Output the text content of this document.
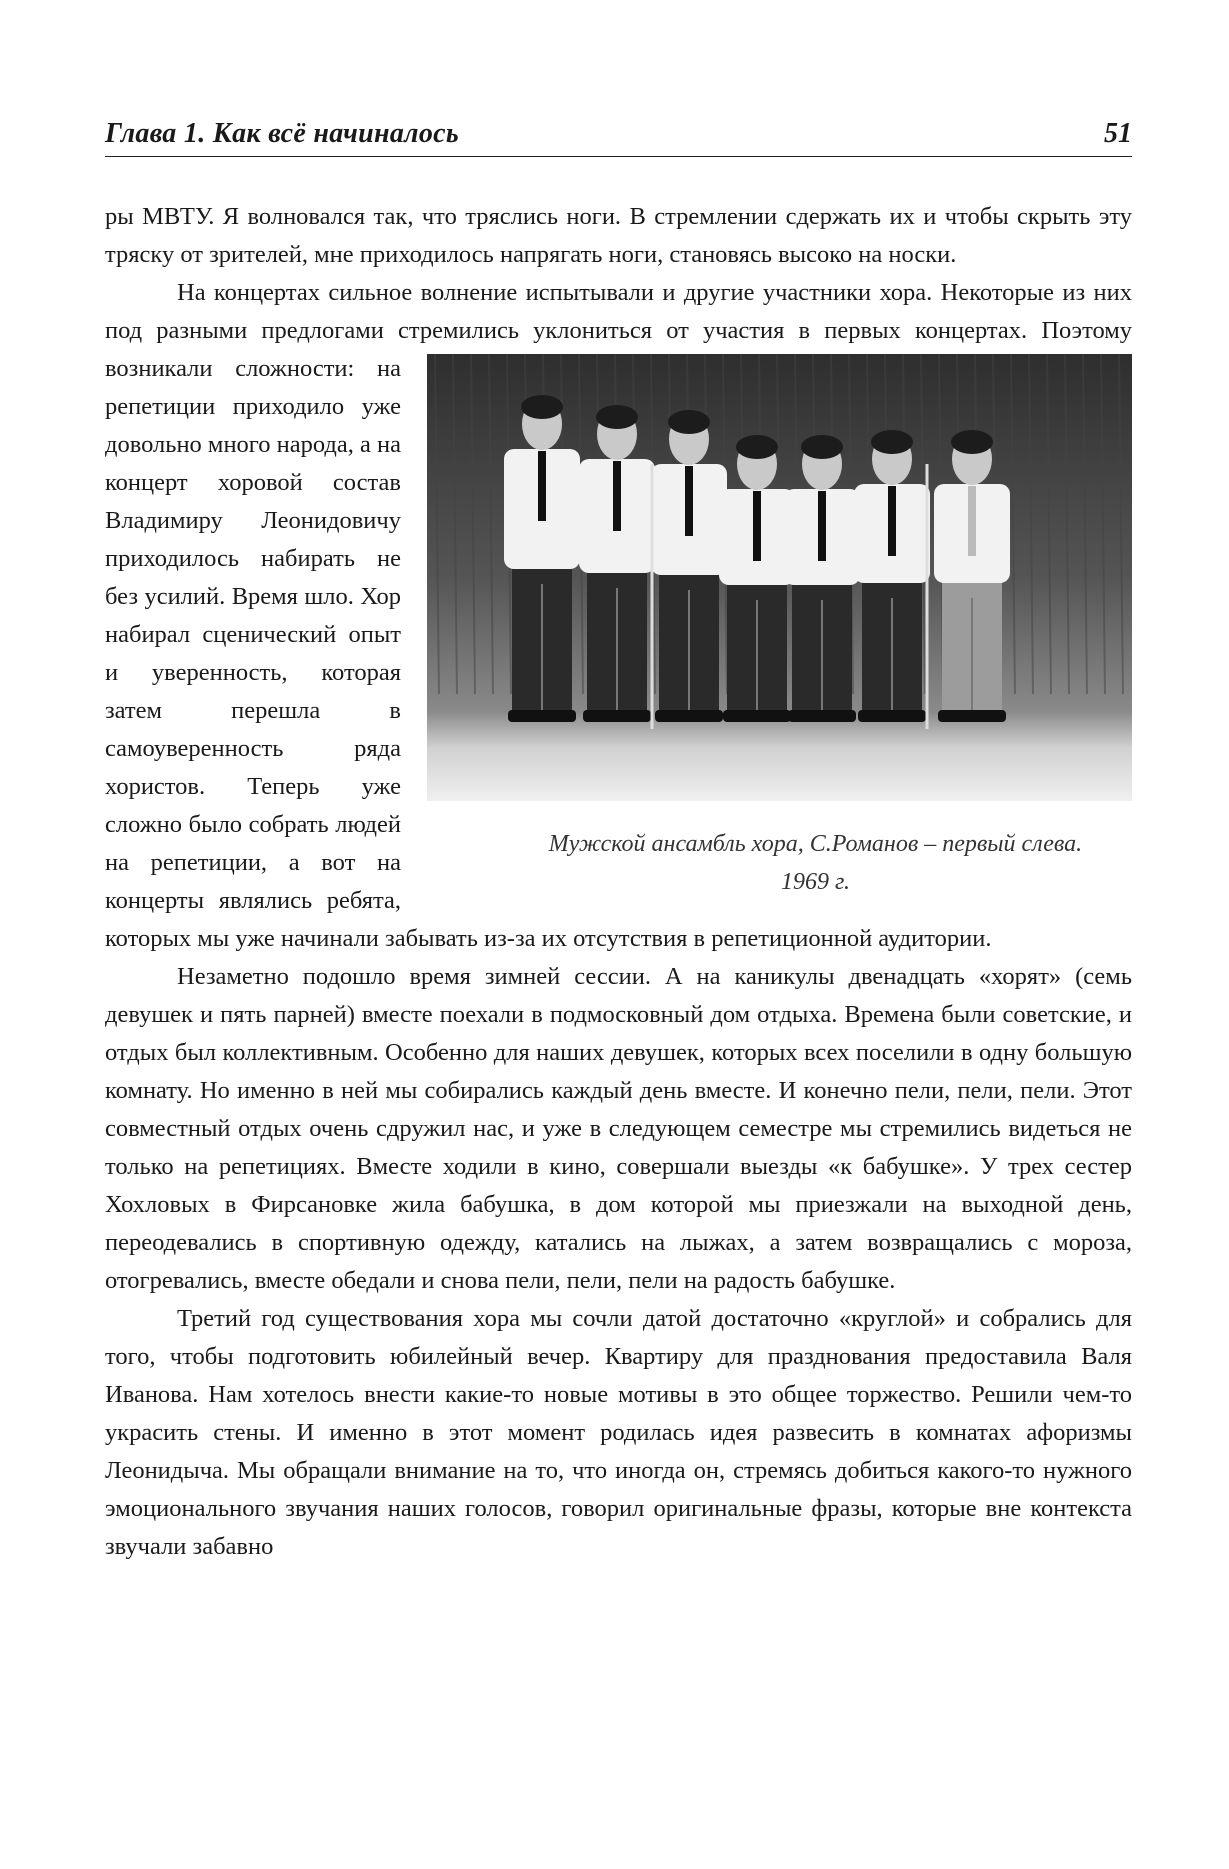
Глава 1. Как всё начиналось	51

ры МВТУ. Я волновался так, что тряслись ноги. В стремлении сдержать их и чтобы скрыть эту тряску от зрителей, мне приходилось напрягать ноги, становясь высоко на носки.

На концертах сильное волнение испытывали и другие участники хора. Некоторые из них под разными предлогами стремились уклониться от участия в первых
Мужской ансамбль хора, С.Романов – первый слева.
1969 г.
концертах. Поэтому возникали сложности: на репетиции приходило уже довольно много народа, а на концерт хоровой состав Владимиру Леонидовичу приходилось набирать не без усилий. Время шло. Хор набирал сценический опыт и уверенность, которая затем перешла в самоуверенность ряда хористов. Теперь уже сложно было собрать людей на репетиции, а вот на концерты являлись ребята, которых мы уже начинали забывать из-за их отсутствия в репетиционной аудитории.

Незаметно подошло время зимней сессии. А на каникулы двенадцать «хорят» (семь девушек и пять парней) вместе поехали в подмосковный дом отдыха. Времена были советские, и отдых был коллективным. Особенно для наших девушек, которых всех поселили в одну большую комнату. Но именно в ней мы собирались каждый день вместе. И конечно пели, пели, пели. Этот совместный отдых очень сдружил нас, и уже в следующем семестре мы стремились видеться не только на репетициях. Вместе ходили в кино, совершали выезды «к бабушке». У трех сестер Хохловых в Фирсановке жила бабушка, в дом которой мы приезжали на выходной день, переодевались в спортивную одежду, катались на лыжах, а затем возвращались с мороза, отогревались, вместе обедали и снова пели, пели, пели на радость бабушке.

Третий год существования хора мы сочли датой достаточно «круглой» и собрались для того, чтобы подготовить юбилейный вечер. Квартиру для празднования предоставила Валя Иванова. Нам хотелось внести какие-то новые мотивы в это общее торжество. Решили чем-то украсить стены. И именно в этот момент родилась идея развесить в комнатах афоризмы Леонидыча. Мы обращали внимание на то, что иногда он, стремясь добиться какого-то нужного эмоционального звучания наших голосов, говорил оригинальные фразы, которые вне контекста звучали забавно
